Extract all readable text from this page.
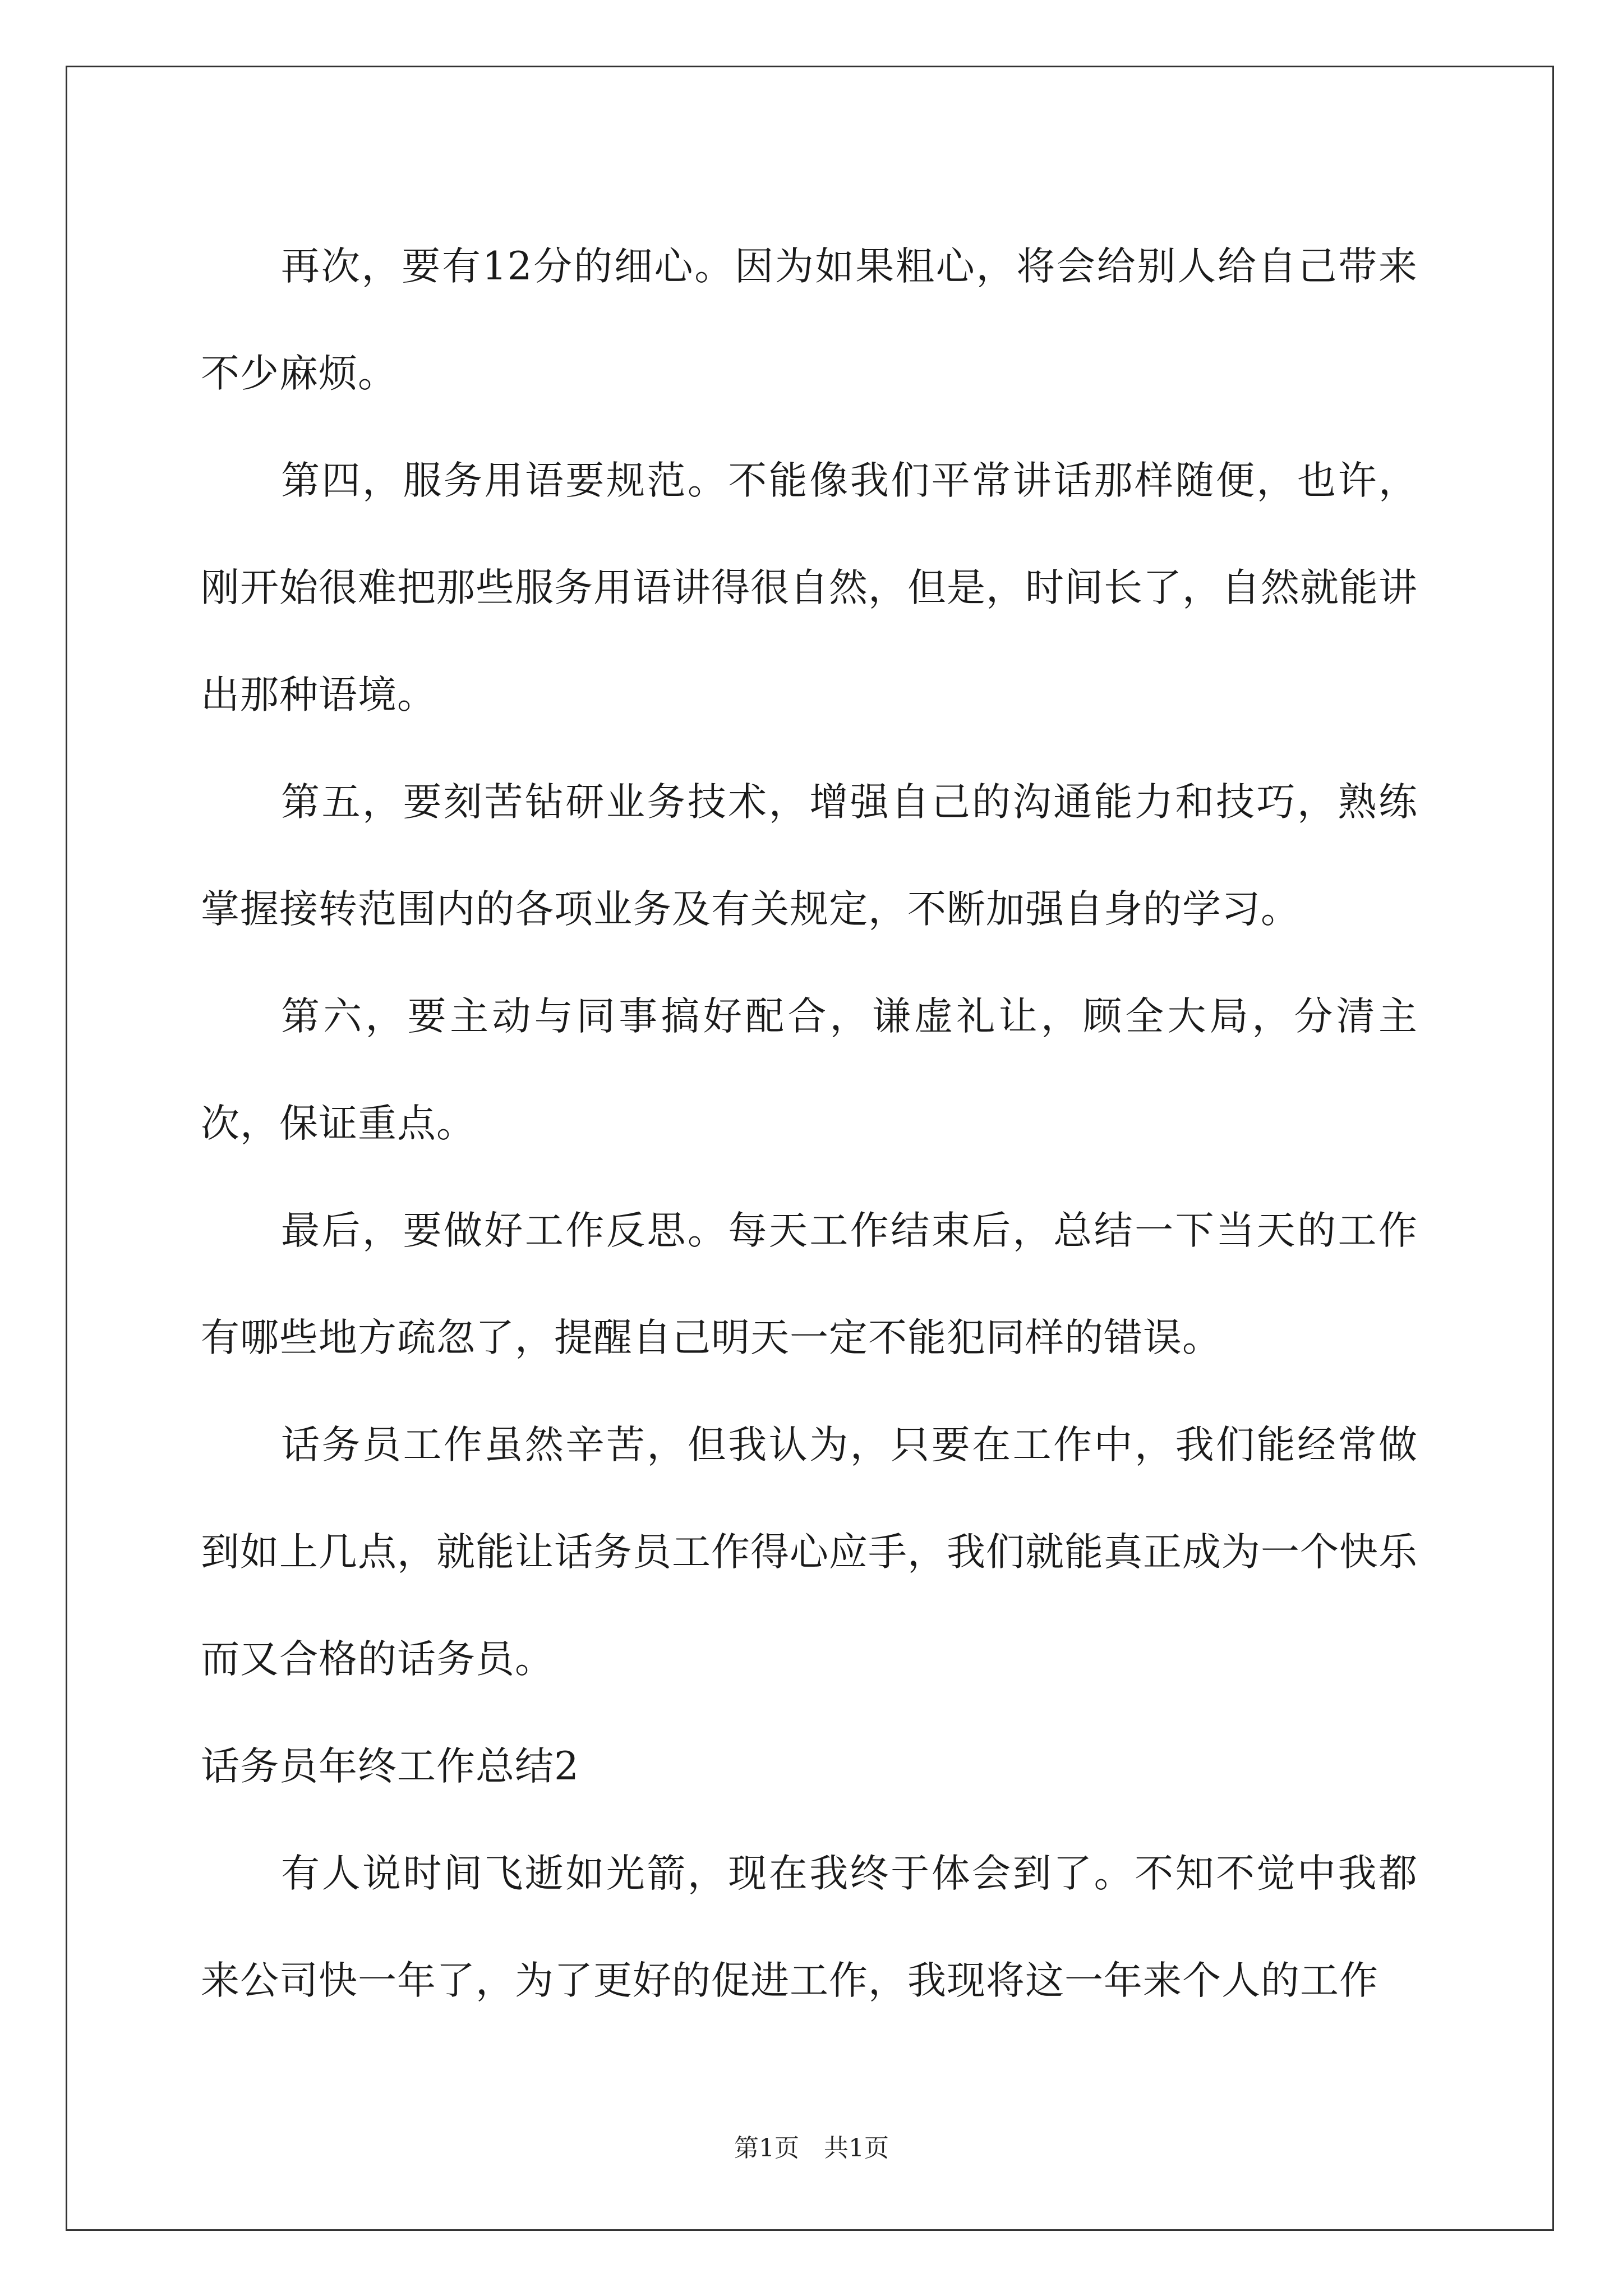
再次，要有12分的细心。因为如果粗心，将会给别人给自己带来不少麻烦。

第四，服务用语要规范。不能像我们平常讲话那样随便，也许，刚开始很难把那些服务用语讲得很自然，但是，时间长了，自然就能讲出那种语境。

第五，要刻苦钻研业务技术，增强自己的沟通能力和技巧，熟练掌握接转范围内的各项业务及有关规定，不断加强自身的学习。

第六，要主动与同事搞好配合，谦虚礼让，顾全大局，分清主次，保证重点。

最后，要做好工作反思。每天工作结束后，总结一下当天的工作有哪些地方疏忽了，提醒自己明天一定不能犯同样的错误。

话务员工作虽然辛苦，但我认为，只要在工作中，我们能经常做到如上几点，就能让话务员工作得心应手，我们就能真正成为一个快乐而又合格的话务员。

话务员年终工作总结2

有人说时间飞逝如光箭，现在我终于体会到了。不知不觉中我都来公司快一年了，为了更好的促进工作，我现将这一年来个人的工作

第1页　共1页
